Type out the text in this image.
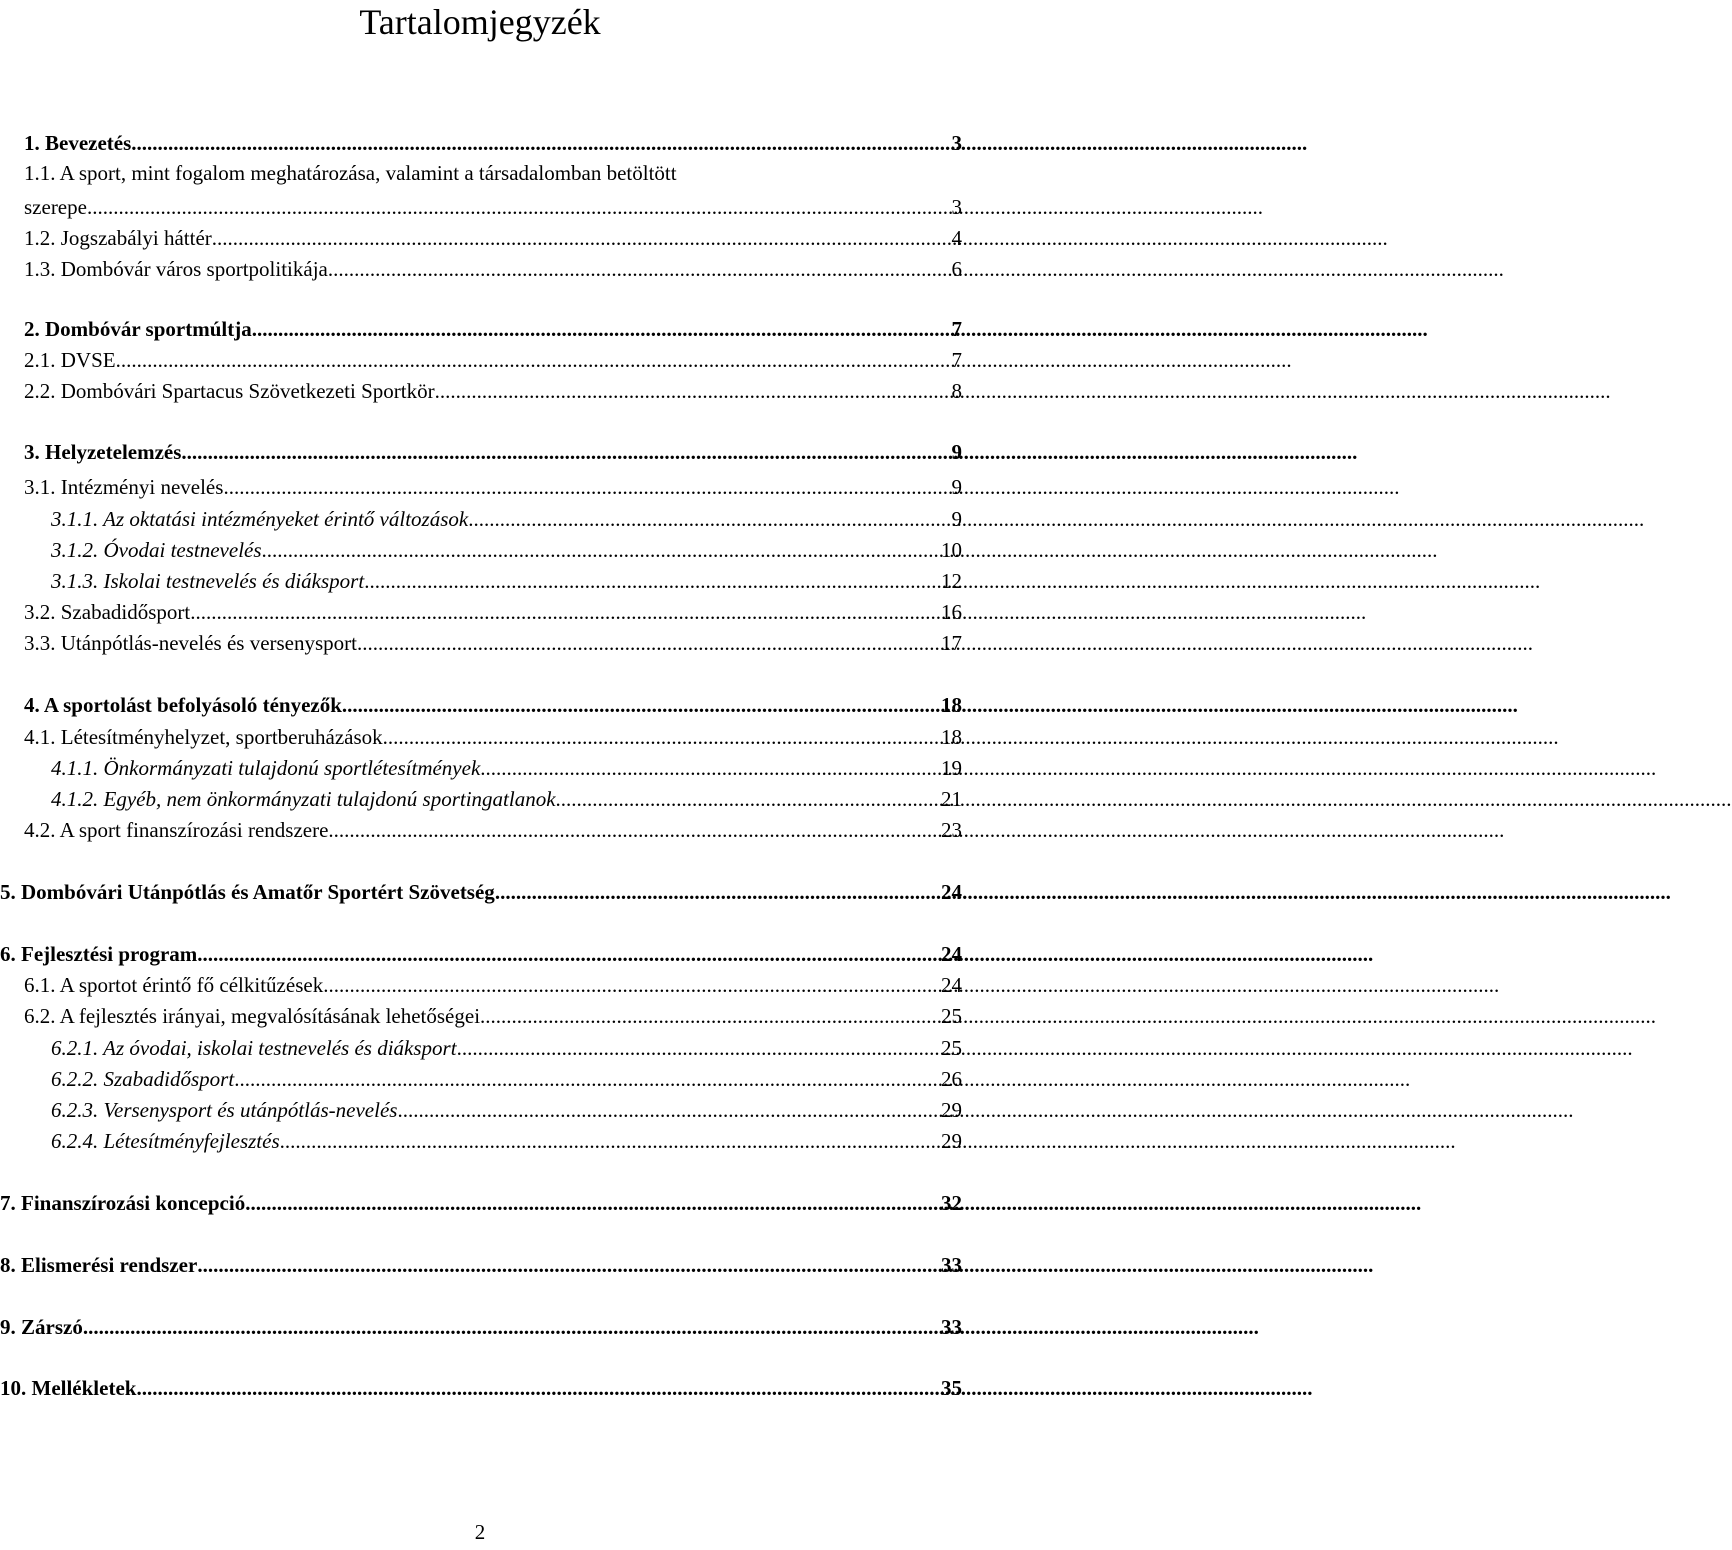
Tartalomjegyzék
1. Bevezetés .....	3
1.1. A sport, mint fogalom meghatározása, valamint a társadalomban betöltött
szerepe .....	3
1.2. Jogszabályi háttér .....	4
1.3. Dombóvár város sportpolitikája .....	6
2. Dombóvár sportmúltja .....	7
2.1. DVSE .....	7
2.2. Dombóvári Spartacus Szövetkezeti Sportkör .....	8
3. Helyzetelemzés .....	9
3.1. Intézményi nevelés .....	9
3.1.1. Az oktatási intézményeket érintő változások .....	9
3.1.2. Óvodai testnevelés .....	10
3.1.3. Iskolai testnevelés és diáksport .....	12
3.2. Szabadidősport .....	16
3.3. Utánpótlás-nevelés és versenysport .....	17
4. A sportolást befolyásoló tényezők .....	18
4.1. Létesítményhelyzet, sportberuházások .....	18
4.1.1. Önkormányzati tulajdonú sportlétesítmények .....	19
4.1.2. Egyéb, nem önkormányzati tulajdonú sportingatlanok .....	21
4.2. A sport finanszírozási rendszere .....	23
5. Dombóvári Utánpótlás és Amatőr Sportért Szövetség .....	24
6. Fejlesztési program .....	24
6.1. A sportot érintő fő célkitűzések .....	24
6.2. A fejlesztés irányai, megvalósításának lehetőségei .....	25
6.2.1. Az óvodai, iskolai testnevelés és diáksport .....	25
6.2.2. Szabadidősport .....	26
6.2.3. Versenysport és utánpótlás-nevelés .....	29
6.2.4. Létesítményfejlesztés .....	29
7. Finanszírozási koncepció .....	32
8. Elismerési rendszer .....	33
9. Zárszó .....	33
10. Mellékletek .....	35
2
